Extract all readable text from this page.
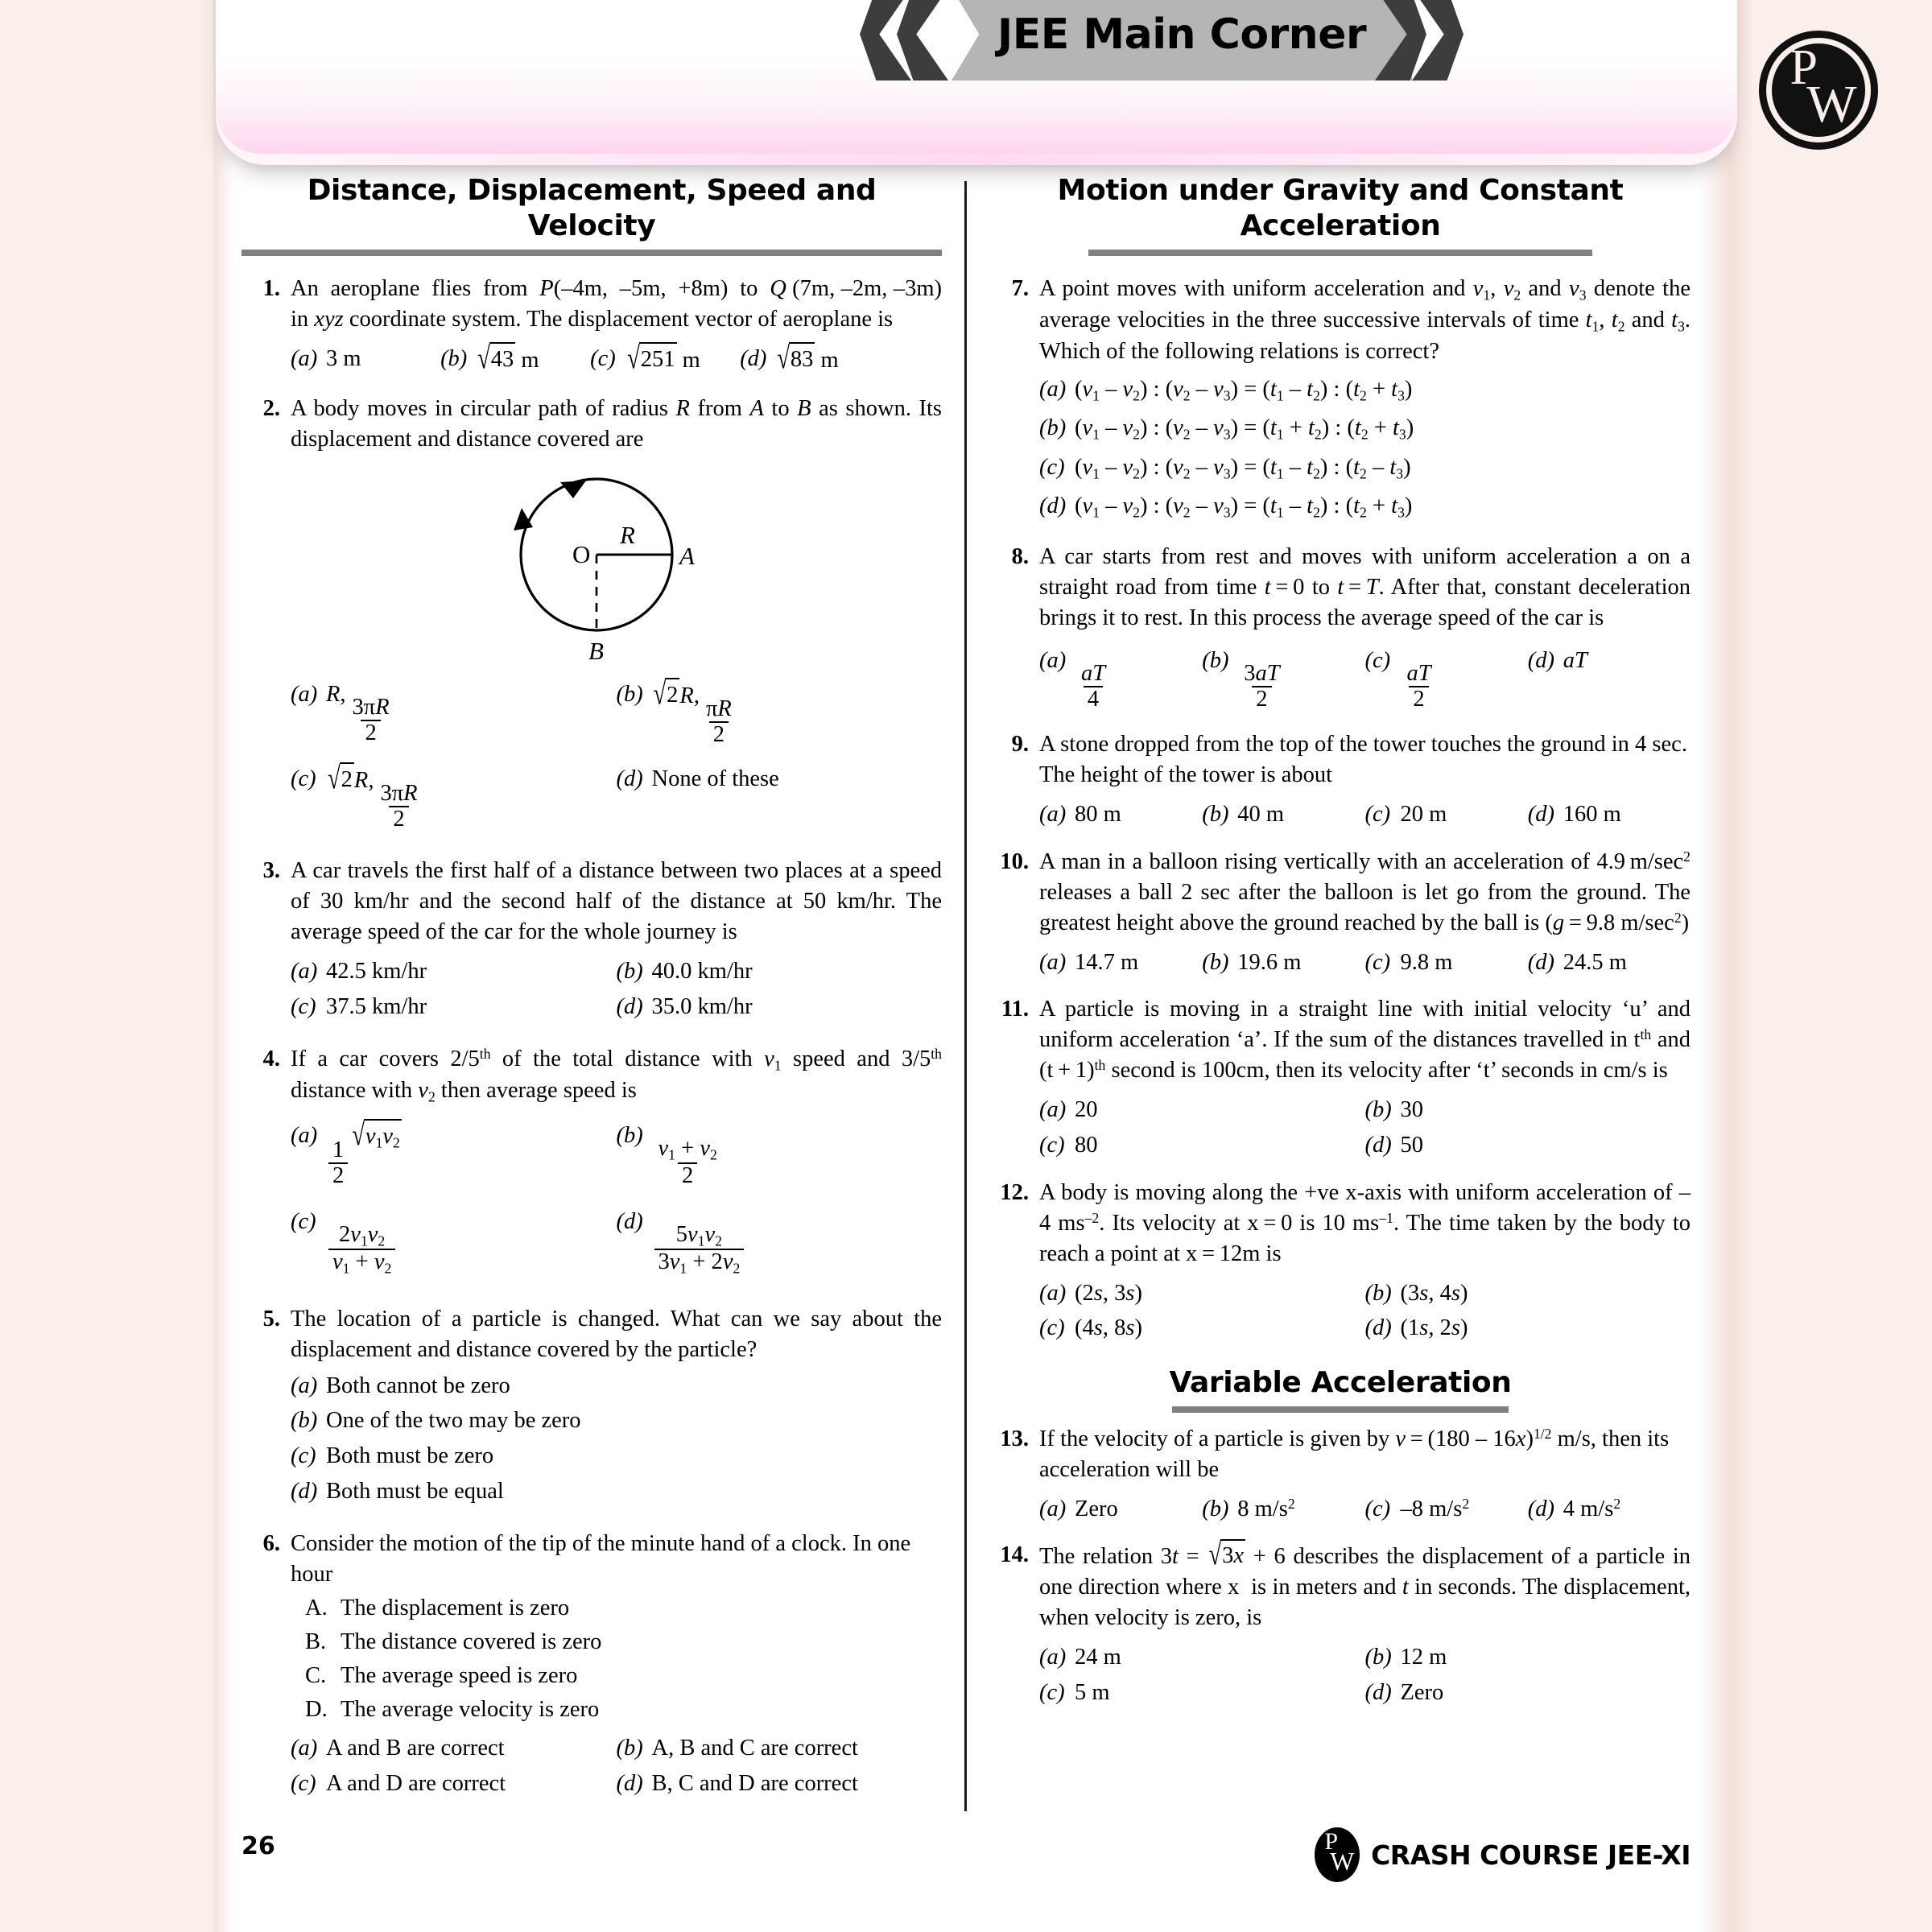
JEE Main Corner
P
W
Distance, Displacement, Speed and Velocity
1. An  aeroplane  flies  from  P(–4m,  –5m,  +8m)  to  Q (7m, –2m, –3m) in xyz coordinate system. The displacement vector of aeroplane is
(a) 3 m	(b) √43 m	(c) √251 m	(d) √83 m
2. A body moves in circular path of radius R from A to B as shown. Its displacement and distance covered are
O
R
A
B
(a) R,
$\frac{3\pi R}{2}$
(b) √2R,
$\frac{\pi R}{2}$
(c) √2R,
$\frac{3\pi R}{2}$
(d) None of these
3. A car travels the first half of a distance between two places at a speed of 30 km/hr and the second half of the distance at 50 km/hr. The average speed of the car for the whole journey is
(a) 42.5 km/hr	(b) 40.0 km/hr
(c) 37.5 km/hr	(d) 35.0 km/hr
4. If a car covers 2/5th of the total distance with $v_1$ speed and 3/5th distance with $v_2$ then average speed is
(a)
$\frac{1}{2}$
$√v_1v_2$	(b)
$\frac{v_1 + v_2}{2}$
(c)
$\frac{2v_1v_2}{v_1 + v_2}$
(d)
$\frac{5v_1v_2}{3v_1 + 2v_2}$
5. The location of a particle is changed. What can we say about the displacement and distance covered by the particle?
(a) Both cannot be zero
(b) One of the two may be zero
(c) Both must be zero
(d) Both must be equal
6. Consider the motion of the tip of the minute hand of a clock. In one hour
A. The displacement is zero
B. The distance covered is zero
C. The average speed is zero
D. The average velocity is zero
(a) A and B are correct	(b) A, B and C are correct
(c) A and D are correct	(d) B, C and D are correct
Motion under Gravity and Constant
Acceleration
7. A point moves with uniform acceleration and $v_1$, $v_2$ and $v_3$ denote the average velocities in the three successive intervals of time $t_1$, $t_2$ and $t_3$. Which of the following relations is correct?
(a) $(v_1 - v_2)$ : $(v_2 - v_3) = (t_1 - t_2)$ : $(t_2 + t_3)$
(b) $(v_1 - v_2)$ : $(v_2 - v_3) = (t_1 + t_2)$ : $(t_2 + t_3)$
(c) $(v_1 - v_2)$ : $(v_2 - v_3) = (t_1 - t_2)$ : $(t_2 - t_3)$
(d) $(v_1 - v_2)$ : $(v_2 - v_3) = (t_1 - t_2)$ : $(t_2 + t_3)$
8. A car starts from rest and moves with uniform acceleration a on a straight road from time t = 0 to t = T. After that, constant deceleration brings it to rest. In this process the average speed of the car is
(a)
$\frac{aT}{4}$
(b)
$\frac{3aT}{2}$
(c)
$\frac{aT}{2}$
(d) aT
9. A stone dropped from the top of the tower touches the ground in 4 sec. The height of the tower is about
(a) 80 m	(b) 40 m	(c) 20 m	(d) 160 m
10. A man in a balloon rising vertically with an acceleration of 4.9 $m/\sec^2$ releases a ball 2 sec after the balloon is let go from the ground. The greatest height above the ground reached by the ball is (g = 9.8 $m/\sec^2$)
(a) 14.7 m	(b) 19.6 m	(c) 9.8 m	(d) 24.5 m
11. A particle is moving in a straight line with initial velocity ‘u’ and uniform acceleration ‘a’. If the sum of the distances travelled in $t^{th}$ and $(t + 1)^{th}$ second is 100cm, then its velocity after ‘t’ seconds in cm/s is
(a) 20	(b) 30
(c) 80	(d) 50
12. A body is moving along the +ve x-axis with uniform acceleration of –4 $ms^{-2}$. Its velocity at x = 0 is 10 $ms^{-1}$. The time taken by the body to reach a point at x = 12m is
(a) (2s, 3s)	(b) (3s, 4s)
(c) (4s, 8s)	(d) (1s, 2s)
Variable Acceleration
13. If the velocity of a particle is given by v = (180 – 16x)$^{1/2}$ m/s, then its acceleration will be
(a) Zero	(b) 8 $m/s^2$	(c) –8 $m/s^2$	(d) 4 $m/s^2$
14. The relation 3t = √3x + 6 describes the displacement of a particle in one direction where x  is in meters and t in seconds. The displacement, when velocity is zero, is
(a) 24 m	(b) 12 m
(c) 5 m	(d) Zero
26	P
W CRASH COURSE JEE-XI
